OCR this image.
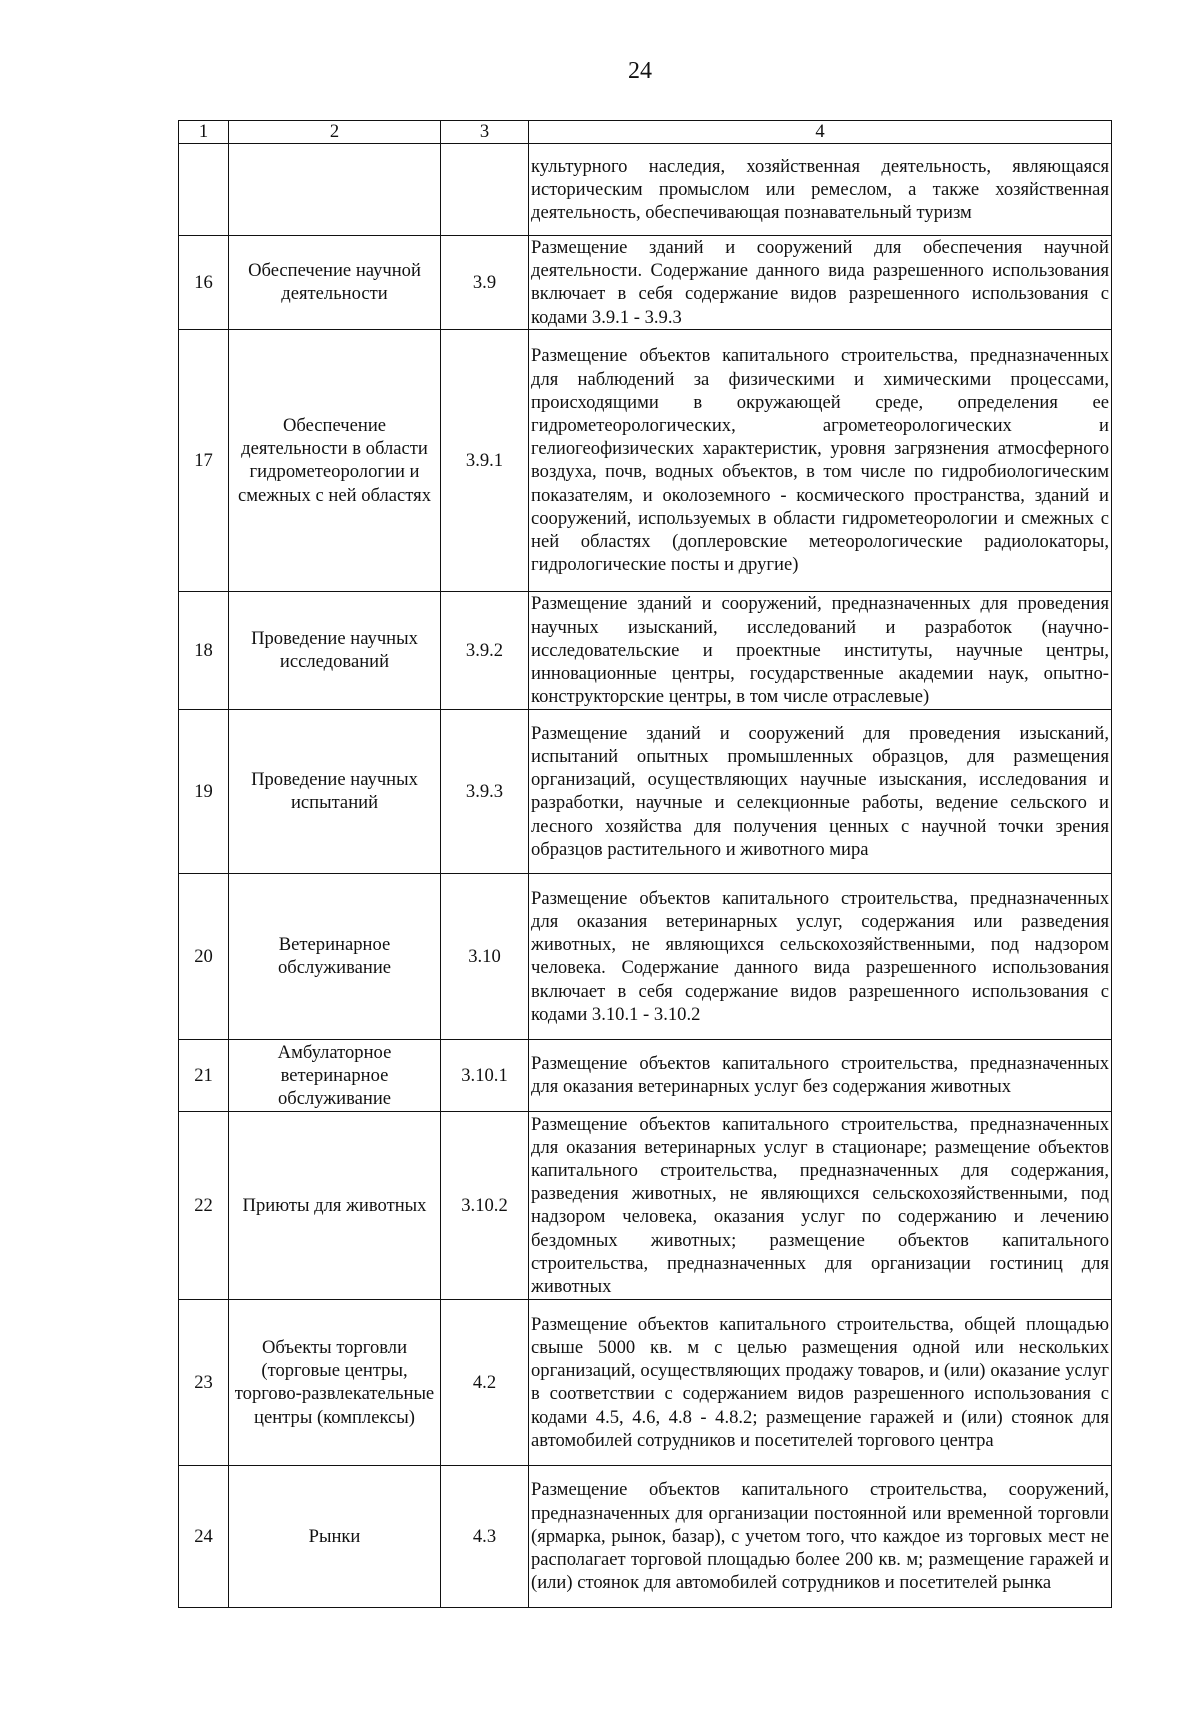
24
1	2	3	4
			культурного наследия, хозяйственная деятельность, являющаяся историческим промыслом или ремеслом, а также хозяйственная деятельность, обеспечивающая познавательный туризм
16	Обеспечение научной деятельности	3.9	Размещение зданий и сооружений для обеспечения научной деятельности. Содержание данного вида разрешенного использования включает в себя содержание видов разрешенного использования с кодами 3.9.1 - 3.9.3
17	Обеспечение деятельности в области гидрометеорологии и смежных с ней областях	3.9.1	Размещение объектов капитального строительства, предназначенных для наблюдений за физическими и химическими процессами, происходящими в окружающей среде, определения ее гидрометеорологических, агрометеорологических и гелиогеофизических характеристик, уровня загрязнения атмосферного воздуха, почв, водных объектов, в том числе по гидробиологическим показателям, и околоземного - космического пространства, зданий и сооружений, используемых в области гидрометеорологии и смежных с ней областях (доплеровские метеорологические радиолокаторы, гидрологические посты и другие)
18	Проведение научных исследований	3.9.2	Размещение зданий и сооружений, предназначенных для проведения научных изысканий, исследований и разработок (научно-исследовательские и проектные институты, научные центры, инновационные центры, государственные академии наук, опытно-конструкторские центры, в том числе отраслевые)
19	Проведение научных испытаний	3.9.3	Размещение зданий и сооружений для проведения изысканий, испытаний опытных промышленных образцов, для размещения организаций, осуществляющих научные изыскания, исследования и разработки, научные и селекционные работы, ведение сельского и лесного хозяйства для получения ценных с научной точки зрения образцов растительного и животного мира
20	Ветеринарное обслуживание	3.10	Размещение объектов капитального строительства, предназначенных для оказания ветеринарных услуг, содержания или разведения животных, не являющихся сельскохозяйственными, под надзором человека. Содержание данного вида разрешенного использования включает в себя содержание видов разрешенного использования с кодами 3.10.1 - 3.10.2
21	Амбулаторное ветеринарное обслуживание	3.10.1	Размещение объектов капитального строительства, предназначенных для оказания ветеринарных услуг без содержания животных
22	Приюты для животных	3.10.2	Размещение объектов капитального строительства, предназначенных для оказания ветеринарных услуг в стационаре; размещение объектов капитального строительства, предназначенных для содержания, разведения животных, не являющихся сельскохозяйственными, под надзором человека, оказания услуг по содержанию и лечению бездомных животных; размещение объектов капитального строительства, предназначенных для организации гостиниц для животных
23	Объекты торговли (торговые центры, торгово-развлекательные центры (комплексы)	4.2	Размещение объектов капитального строительства, общей площадью свыше 5000 кв. м с целью размещения одной или нескольких организаций, осуществляющих продажу товаров, и (или) оказание услуг в соответствии с содержанием видов разрешенного использования с кодами 4.5, 4.6, 4.8 - 4.8.2; размещение гаражей и (или) стоянок для автомобилей сотрудников и посетителей торгового центра
24	Рынки	4.3	Размещение объектов капитального строительства, сооружений, предназначенных для организации постоянной или временной торговли (ярмарка, рынок, базар), с учетом того, что каждое из торговых мест не располагает торговой площадью более 200 кв. м; размещение гаражей и (или) стоянок для автомобилей сотрудников и посетителей рынка
